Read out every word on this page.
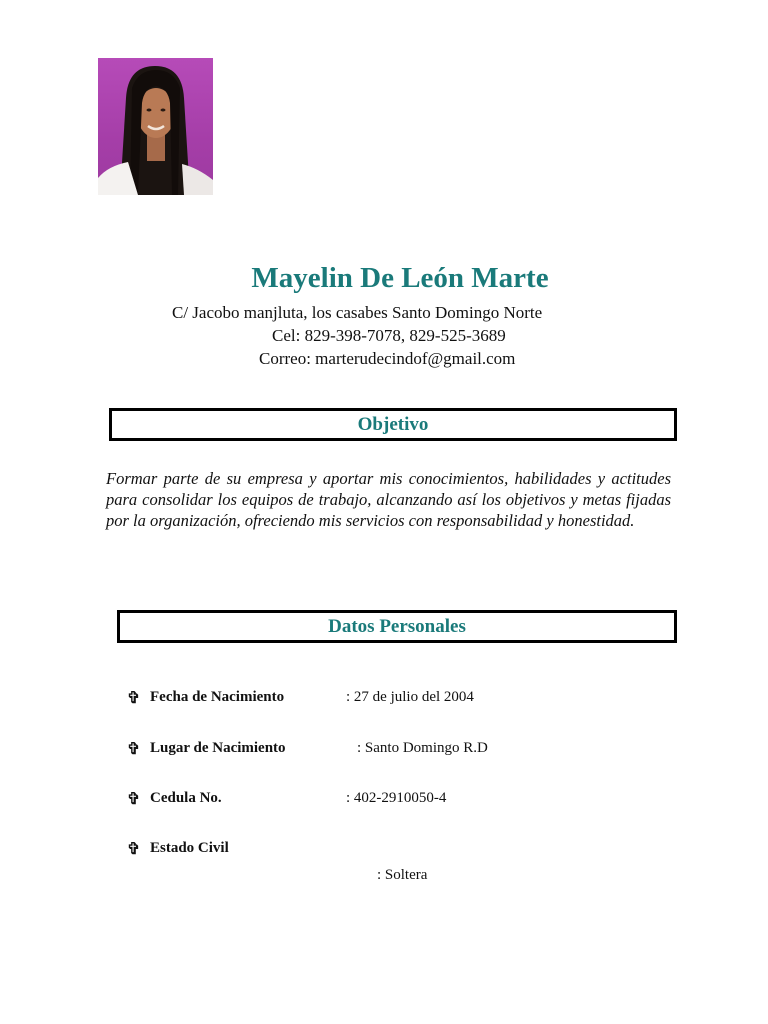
Mayelin De León Marte
C/ Jacobo manjluta, los casabes Santo Domingo Norte
Cel: 829-398-7078, 829-525-3689
Correo: marterudecindof@gmail.com
Objetivo
Formar parte de su empresa y aportar mis conocimientos, habilidades y actitudes para consolidar los equipos de trabajo, alcanzando así los objetivos y metas fijadas por la organización, ofreciendo mis servicios con responsabilidad y honestidad.
Datos Personales
✞ Fecha de Nacimiento	: 27 de julio del 2004
✞ Lugar de Nacimiento	: Santo Domingo R.D
✞ Cedula No.	: 402-2910050-4
✞ Estado Civil
: Soltera
